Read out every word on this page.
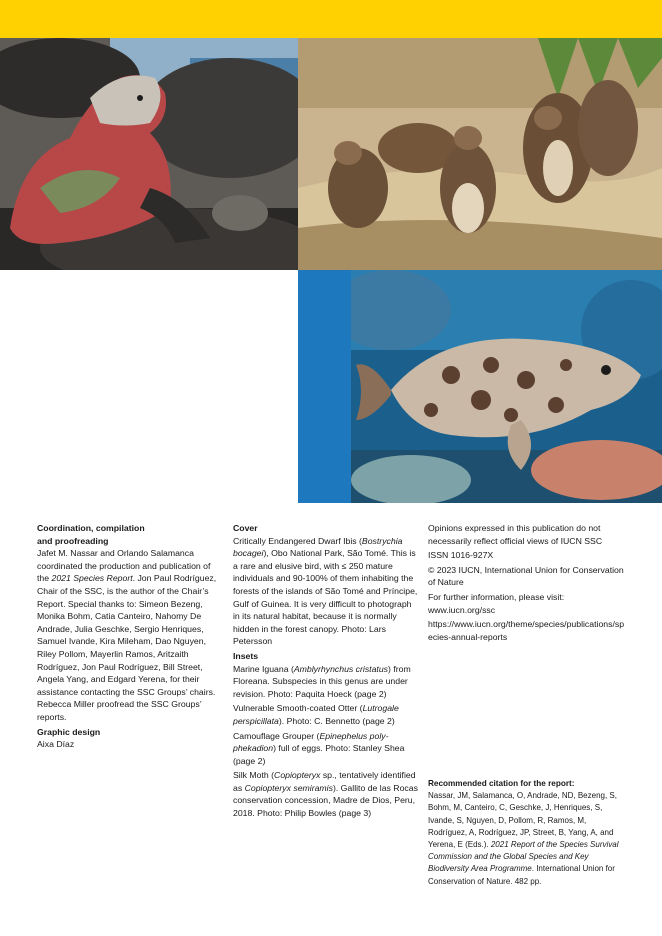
Coordination, compilation
and proofreading
Jafet M. Nassar and Orlando Salamanca coordinated the production and publication of the 2021 Species Report. Jon Paul Rodríguez, Chair of the SSC, is the author of the Chair’s Report. Special thanks to: Simeon Bezeng, Monika Bohm, Catia Canteiro, Nahomy De Andrade, Julia Geschke, Sergio Henriques, Samuel Ivande, Kira Mileham, Dao Nguyen, Riley Pollom, Mayerlin Ramos, Aritzaith Rodríguez, Jon Paul Rodríguez, Bill Street, Angela Yang, and Edgard Yerena, for their assistance contacting the SSC Groups’ chairs. Rebecca Miller proofread the SSC Groups’ reports.
Graphic design
Aixa Díaz
Cover
Critically Endangered Dwarf Ibis (Bostrychia bocagei), Obo National Park, São Tomé. This is a rare and elusive bird, with ≤ 250 mature individuals and 90-100% of them inhabiting the forests of the islands of São Tomé and Príncipe, Gulf of Guinea. It is very difficult to photograph in its natural habitat, because it is normally hidden in the forest canopy. Photo: Lars Petersson
Insets
Marine Iguana (Amblyrhynchus cristatus) from Floreana. Subspecies in this genus are under revision. Photo: Paquita Hoeck (page 2)
Vulnerable Smooth-coated Otter (Lutrogale perspicillata). Photo: C. Bennetto (page 2)
Camouflage Grouper (Epinephelus polyphekadion) full of eggs. Photo: Stanley Shea (page 2)
Silk Moth (Copiopteryx sp., tentatively identified as Copiopteryx semiramis). Gallito de las Rocas conservation concession, Madre de Dios, Peru, 2018. Photo: Philip Bowles (page 3)
Opinions expressed in this publication do not necessarily reflect official views of IUCN SSC
ISSN 1016-927X
© 2023 IUCN, International Union for Conservation of Nature
For further information, please visit:
www.iucn.org/ssc
https://www.iucn.org/theme/species/publications/species-annual-reports
Recommended citation for the report:
Nassar, JM, Salamanca, O, Andrade, ND, Bezeng, S, Bohm, M, Canteiro, C, Geschke, J, Henriques, S, Ivande, S, Nguyen, D, Pollom, R, Ramos, M, Rodríguez, A, Rodríguez, JP, Street, B, Yang, A, and Yerena, E (Eds.). 2021 Report of the Species Survival Commission and the Global Species and Key Biodiversity Area Programme. International Union for Conservation of Nature. 482 pp.
